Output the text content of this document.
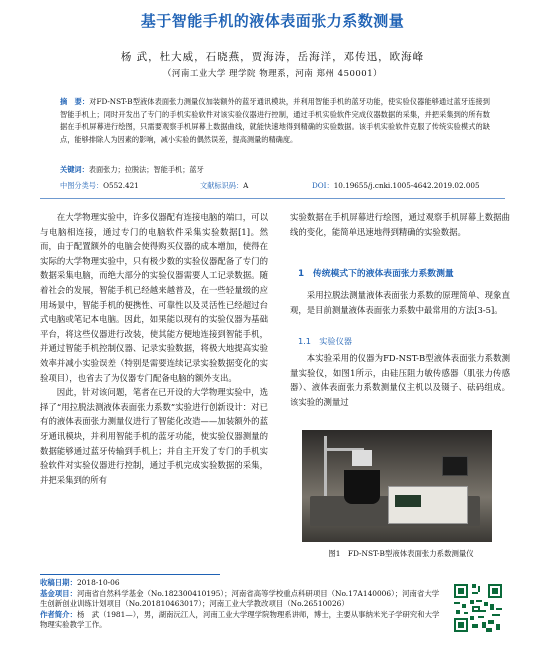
基于智能手机的液体表面张力系数测量
杨 武，杜大威，石晓燕，贾海涛，岳海洋，邓传迅，欧海峰
（河南工业大学 理学院 物理系，河南 郑州 450001）
摘　要：对FD-NST-B型液体表面张力测量仪加装额外的蓝牙通讯模块，并利用智能手机的蓝牙功能，使实验仪器能够通过蓝牙连接到智能手机上；同时开发出了专门的手机实验软件对该实验仪器进行控制，通过手机实验软件完成仪器数据的采集，并把采集到的所有数据在手机屏幕进行绘图，只需要观察手机屏幕上数据曲线，就能快速地得到精确的实验数据。该手机实验软件克服了传统实验模式的缺点，能够排除人为因素的影响，减小实验的偶然误差，提高测量的精确度。
关键词：表面张力；拉脱法；智能手机；蓝牙
中图分类号：O552.421	文献标识码：A	DOI：10.19655/j.cnki.1005-4642.2019.02.005

在大学物理实验中，许多仪器配有连接电脑的端口，可以与电脑相连接，通过专门的电脑软件采集实验数据[1]。然而，由于配置额外的电脑会使得购买仪器的成本增加，使得在实际的大学物理实验中，只有极少数的实验仪器配备了专门的数据采集电脑，而绝大部分的实验仪器需要人工记录数据。随着社会的发展，智能手机已经越来越普及，在一些轻量级的应用场景中，智能手机的便携性、可靠性以及灵活性已经超过台式电脑或笔记本电脑。因此，如果能以现有的实验仪器为基础平台，将这些仪器进行改装，使其能方便地连接到智能手机，并通过智能手机控制仪器、记录实验数据，将极大地提高实验效率并减小实验误差（特别是需要连续记录实验数据变化的实验项目），也省去了为仪器专门配备电脑的额外支出。

因此，针对该问题，笔者在已开设的大学物理实验中，选择了“用拉脱法测液体表面张力系数”实验进行创新设计：对已有的液体表面张力测量仪进行了智能化改造——加装额外的蓝牙通讯模块，并利用智能手机的蓝牙功能，使实验仪器测量的数据能够通过蓝牙传输到手机上；并自主开发了专门的手机实验软件对实验仪器进行控制，通过手机完成实验数据的采集，并把采集到的所有

实验数据在手机屏幕进行绘图，通过观察手机屏幕上数据曲线的变化，能简单迅速地得到精确的实验数据。

1　传统模式下的液体表面张力系数测量

采用拉脱法测量液体表面张力系数的原理简单、现象直观，是目前测量液体表面张力系数中最常用的方法[3-5]。

1.1　实验仪器

本实验采用的仪器为FD-NST-B型液体表面张力系数测量实验仪，如图1所示，由硅压阻力敏传感器（肌张力传感器）、液体表面张力系数测量仪主机以及镊子、砝码组成。该实验的测量过

图1　FD-NST-B型液体表面张力系数测量仪
收稿日期：2018-10-06
基金项目：河南省自然科学基金（No.182300410195）；河南省高等学校重点科研项目（No.17A140006）；河南省大学生创新创业训练计划项目（No.201810463017）；河南工业大学教改项目（No.26510026）
作者简介：杨　武（1981—），男，湖南沅江人，河南工业大学理学院物理系讲师，博士，主要从事纳米光子学研究和大学物理实验教学工作。
